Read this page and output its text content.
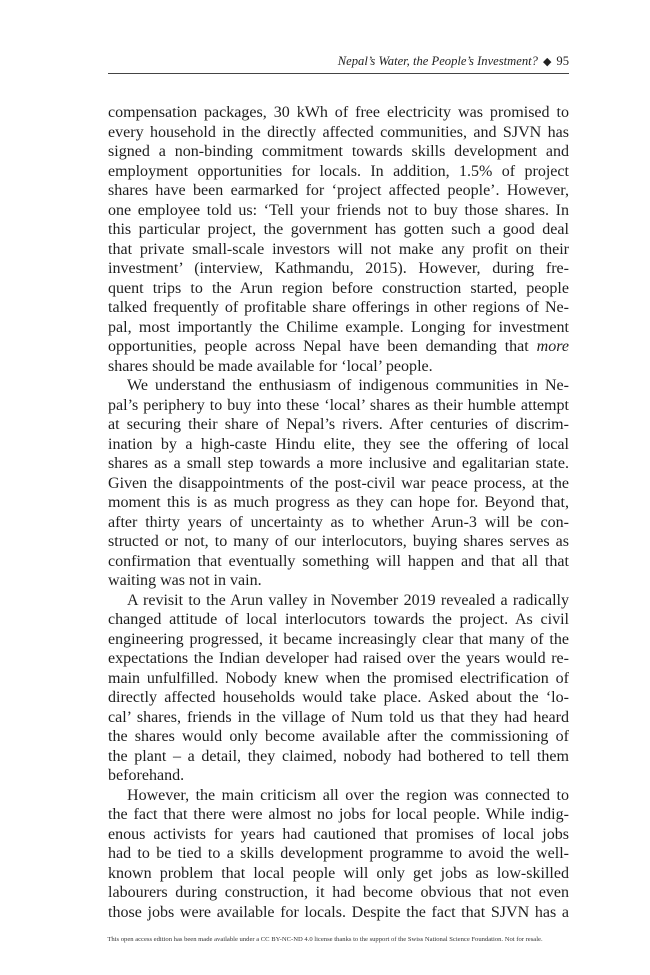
Nepal’s Water, the People’s Investment? ◆ 95

compensation packages, 30 kWh of free electricity was promised to
every household in the directly affected communities, and SJVN has
signed a non-binding commitment towards skills development and
employment opportunities for locals. In addition, 1.5% of project
shares have been earmarked for ‘project affected people’. However,
one employee told us: ‘Tell your friends not to buy those shares. In
this particular project, the government has gotten such a good deal
that private small-scale investors will not make any profit on their
investment’ (interview, Kathmandu, 2015). However, during fre-
quent trips to the Arun region before construction started, people
talked frequently of profitable share offerings in other regions of Ne-
pal, most importantly the Chilime example. Longing for investment
opportunities, people across Nepal have been demanding that more
shares should be made available for ‘local’ people.

We understand the enthusiasm of indigenous communities in Ne-
pal’s periphery to buy into these ‘local’ shares as their humble attempt
at securing their share of Nepal’s rivers. After centuries of discrim-
ination by a high-caste Hindu elite, they see the offering of local
shares as a small step towards a more inclusive and egalitarian state.
Given the disappointments of the post-civil war peace process, at the
moment this is as much progress as they can hope for. Beyond that,
after thirty years of uncertainty as to whether Arun-3 will be con-
structed or not, to many of our interlocutors, buying shares serves as
confirmation that eventually something will happen and that all that
waiting was not in vain.

A revisit to the Arun valley in November 2019 revealed a radically
changed attitude of local interlocutors towards the project. As civil
engineering progressed, it became increasingly clear that many of the
expectations the Indian developer had raised over the years would re-
main unfulfilled. Nobody knew when the promised electrification of
directly affected households would take place. Asked about the ‘lo-
cal’ shares, friends in the village of Num told us that they had heard
the shares would only become available after the commissioning of
the plant – a detail, they claimed, nobody had bothered to tell them
beforehand.

However, the main criticism all over the region was connected to
the fact that there were almost no jobs for local people. While indig-
enous activists for years had cautioned that promises of local jobs
had to be tied to a skills development programme to avoid the well-
known problem that local people will only get jobs as low-skilled
labourers during construction, it had become obvious that not even
those jobs were available for locals. Despite the fact that SJVN has a

This open access edition has been made available under a CC BY-NC-ND 4.0 license thanks to the support of the Swiss National Science Foundation. Not for resale.
